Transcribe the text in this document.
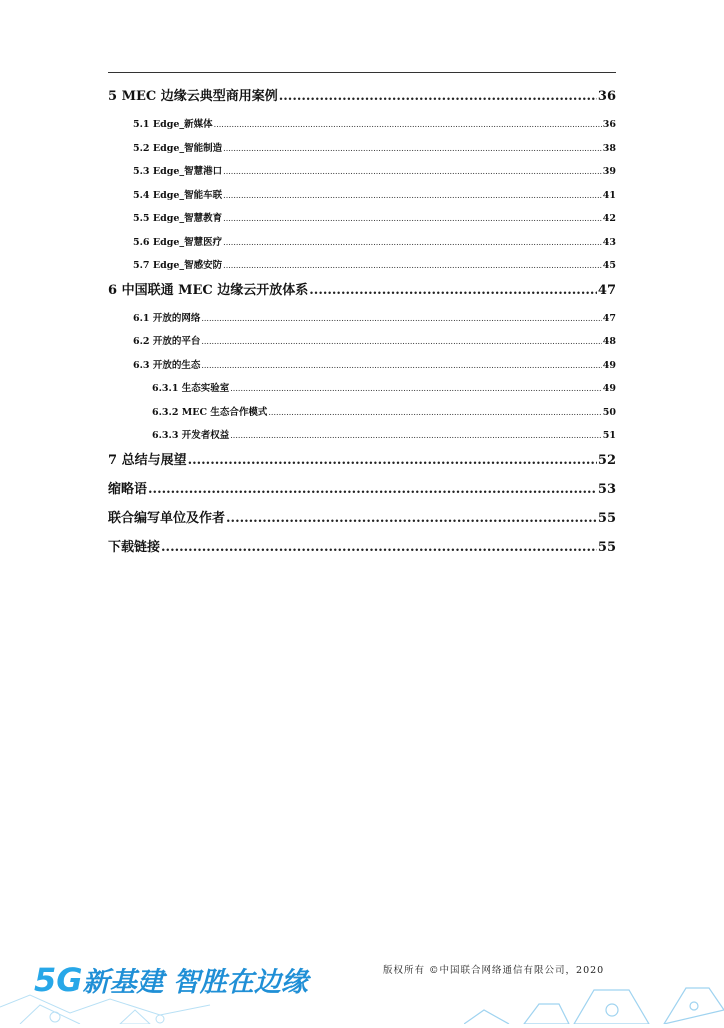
5 MEC 边缘云典型商用案例 .....	36
5.1 Edge_新媒体 .....	36
5.2 Edge_智能制造 .....	38
5.3 Edge_智慧港口 .....	39
5.4 Edge_智能车联 .....	41
5.5 Edge_智慧教育 .....	42
5.6 Edge_智慧医疗 .....	43
5.7 Edge_智感安防 .....	45
6 中国联通 MEC 边缘云开放体系 .....	47
6.1 开放的网络 .....	47
6.2 开放的平台 .....	48
6.3 开放的生态 .....	49
6.3.1 生态实验室 .....	49
6.3.2 MEC 生态合作模式 .....	50
6.3.3 开发者权益 .....	51
7 总结与展望 .....	52
缩略语 .....	53
联合编写单位及作者 .....	55
下载链接 .....	55
5G新基建 智胜在边缘	版权所有 ©中国联合网络通信有限公司，2020
